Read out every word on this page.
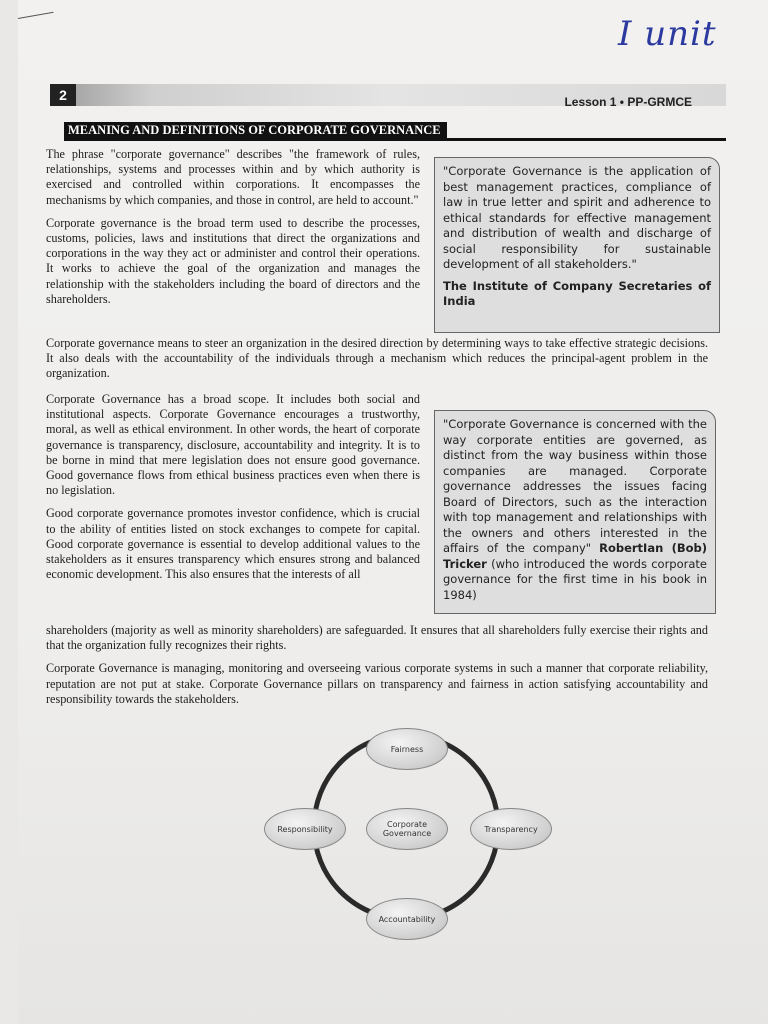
I unit
2	Lesson 1 • PP-GRMCE
MEANING AND DEFINITIONS OF CORPORATE GOVERNANCE

The phrase "corporate governance" describes "the framework of rules, relationships, systems and processes within and by which authority is exercised and controlled within corporations. It encompasses the mechanisms by which companies, and those in control, are held to account."

Corporate governance is the broad term used to describe the processes, customs, policies, laws and institutions that direct the organizations and corporations in the way they act or administer and control their operations. It works to achieve the goal of the organization and manages the relationship with the stakeholders including the board of directors and the shareholders.

"Corporate Governance is the application of best management practices, compliance of law in true letter and spirit and adherence to ethical standards for effective management and distribution of wealth and discharge of social responsibility for sustainable development of all stakeholders."
The Institute of Company Secretaries of India

Corporate governance means to steer an organization in the desired direction by determining ways to take effective strategic decisions. It also deals with the accountability of the individuals through a mechanism which reduces the principal-agent problem in the organization.

Corporate Governance has a broad scope. It includes both social and institutional aspects. Corporate Governance encourages a trustworthy, moral, as well as ethical environment. In other words, the heart of corporate governance is transparency, disclosure, accountability and integrity. It is to be borne in mind that mere legislation does not ensure good governance. Good governance flows from ethical business practices even when there is no legislation.

Good corporate governance promotes investor confidence, which is crucial to the ability of entities listed on stock exchanges to compete for capital. Good corporate governance is essential to develop additional values to the stakeholders as it ensures transparency which ensures strong and balanced economic development. This also ensures that the interests of all

"Corporate Governance is concerned with the way corporate entities are governed, as distinct from the way business within those companies are managed. Corporate governance addresses the issues facing Board of Directors, such as the interaction with top management and relationships with the owners and others interested in the affairs of the company" RobertIan (Bob) Tricker (who introduced the words corporate governance for the first time in his book in 1984)

shareholders (majority as well as minority shareholders) are safeguarded. It ensures that all shareholders fully exercise their rights and that the organization fully recognizes their rights.

Corporate Governance is managing, monitoring and overseeing various corporate systems in such a manner that corporate reliability, reputation are not put at stake. Corporate Governance pillars on transparency and fairness in action satisfying accountability and responsibility towards the stakeholders.

Fairness
Responsibility	Corporate Governance	Transparency
Accountability
